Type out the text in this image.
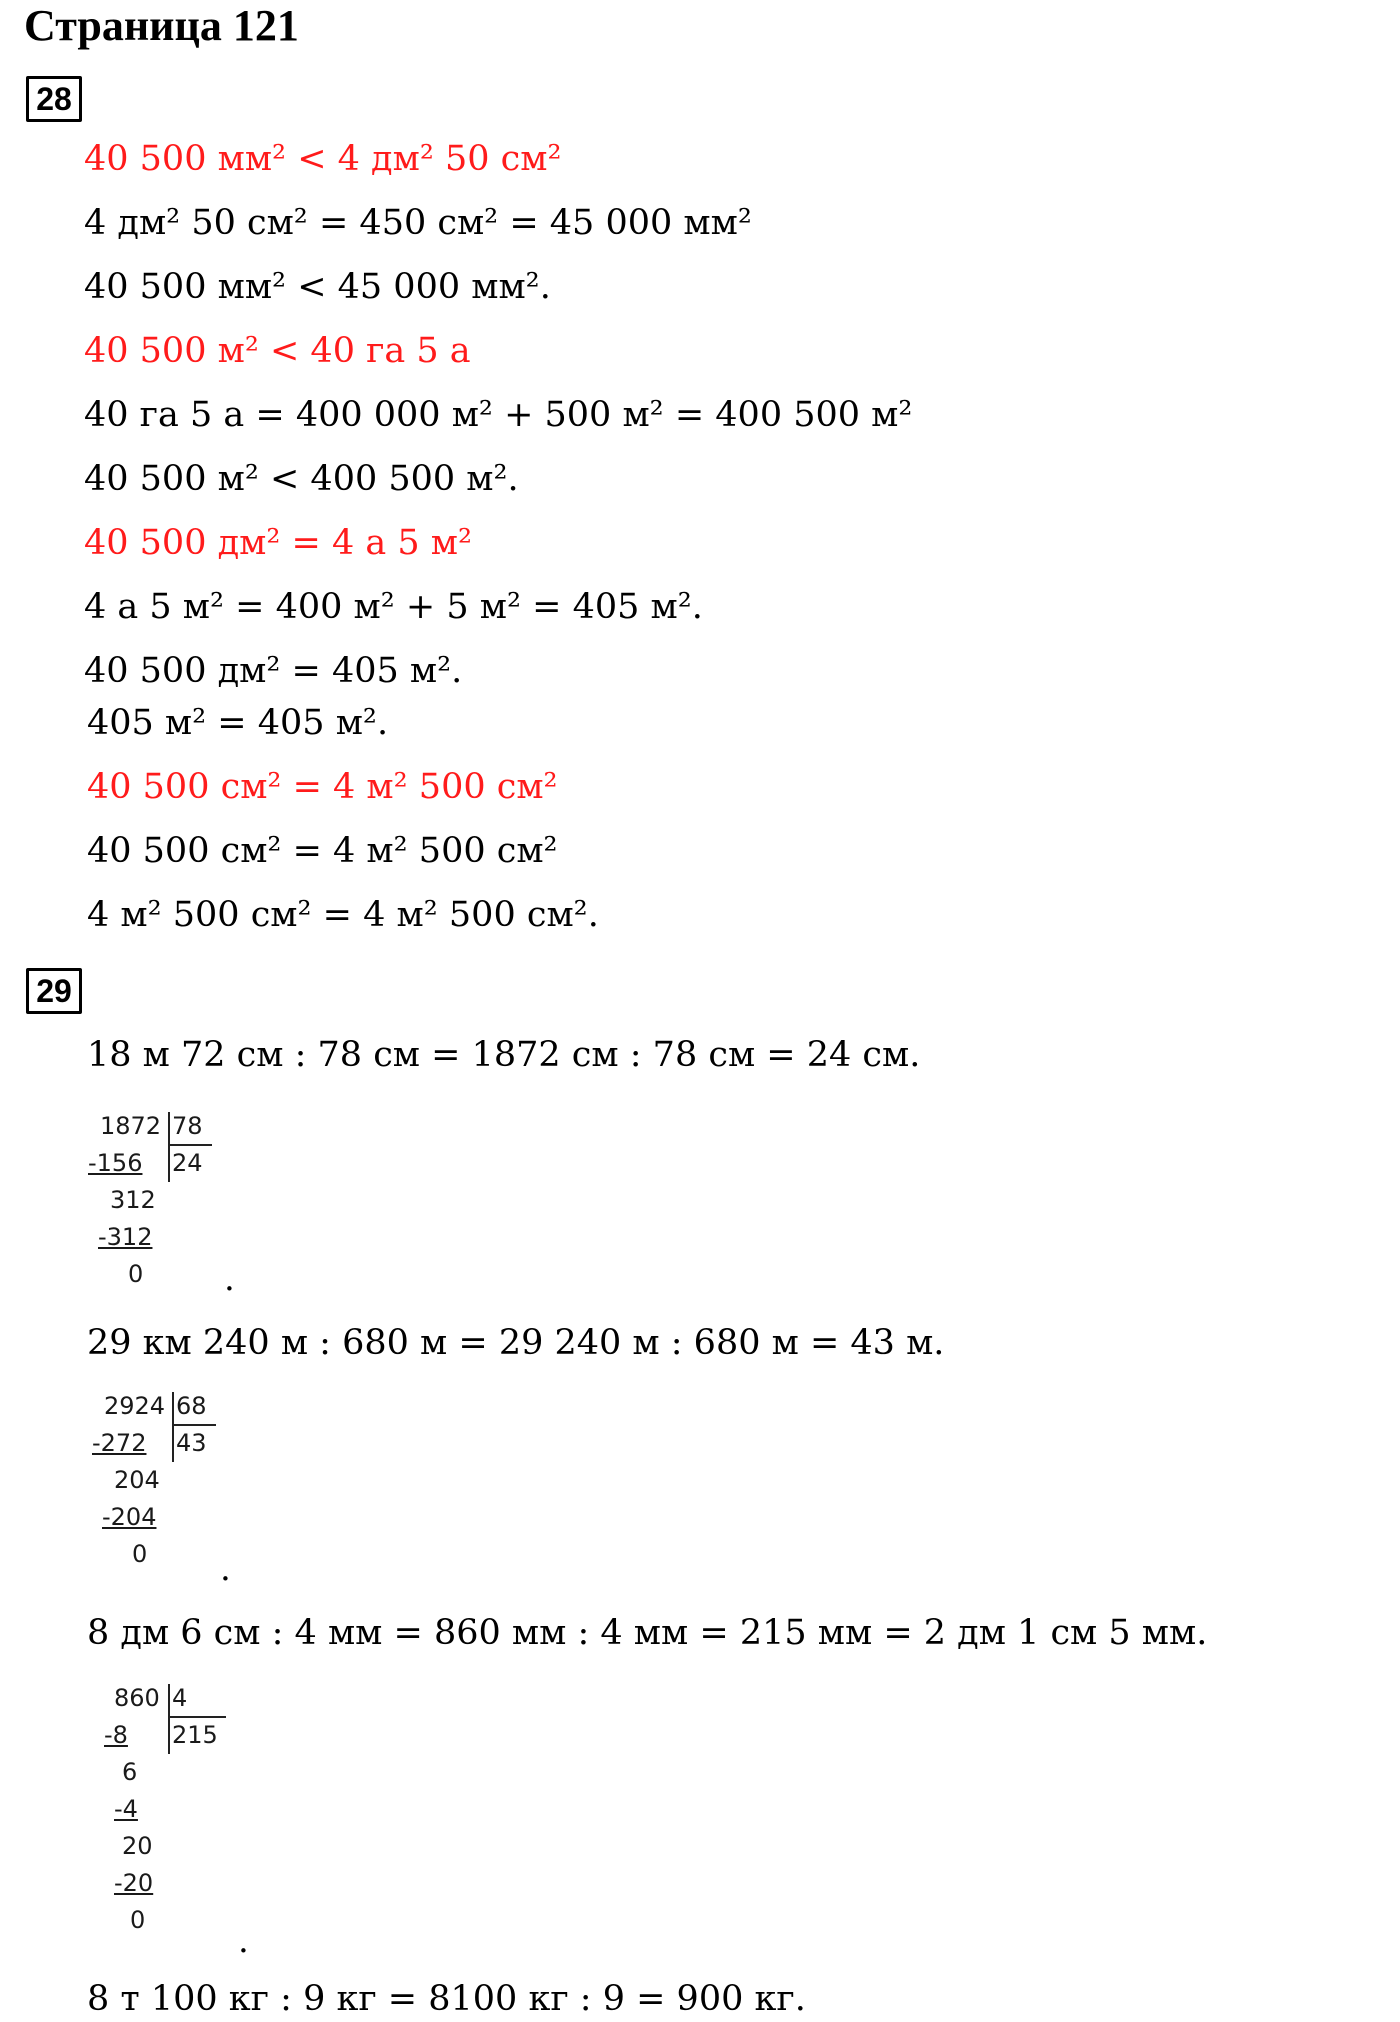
Страница 121
28
40 500 мм² < 4 дм² 50 см²
4 дм² 50 см² = 450 см² = 45 000 мм²
40 500 мм² < 45 000 мм².
40 500 м² < 40 га 5 а
40 га 5 а = 400 000 м² + 500 м² = 400 500 м²
40 500 м² < 400 500 м².
40 500 дм² = 4 а 5 м²
4 а 5 м² = 400 м² + 5 м² = 405 м².
40 500 дм² = 405 м².
405 м² = 405 м².
40 500 см² = 4 м² 500 см²
40 500 см² = 4 м² 500 см²
4 м² 500 см² = 4 м² 500 см².
29
18 м 72 см : 78 см = 1872 см : 78 см = 24 см.
1872 78
-156 24
312
-312
0 .
29 км 240 м : 680 м = 29 240 м : 680 м = 43 м.
2924 68
-272 43
204
-204
0 .
8 дм 6 см : 4 мм = 860 мм : 4 мм = 215 мм = 2 дм 1 см 5 мм.
860 4
-8 215
6
-4
20
-20
0
.
8 т 100 кг : 9 кг = 8100 кг : 9 = 900 кг.
